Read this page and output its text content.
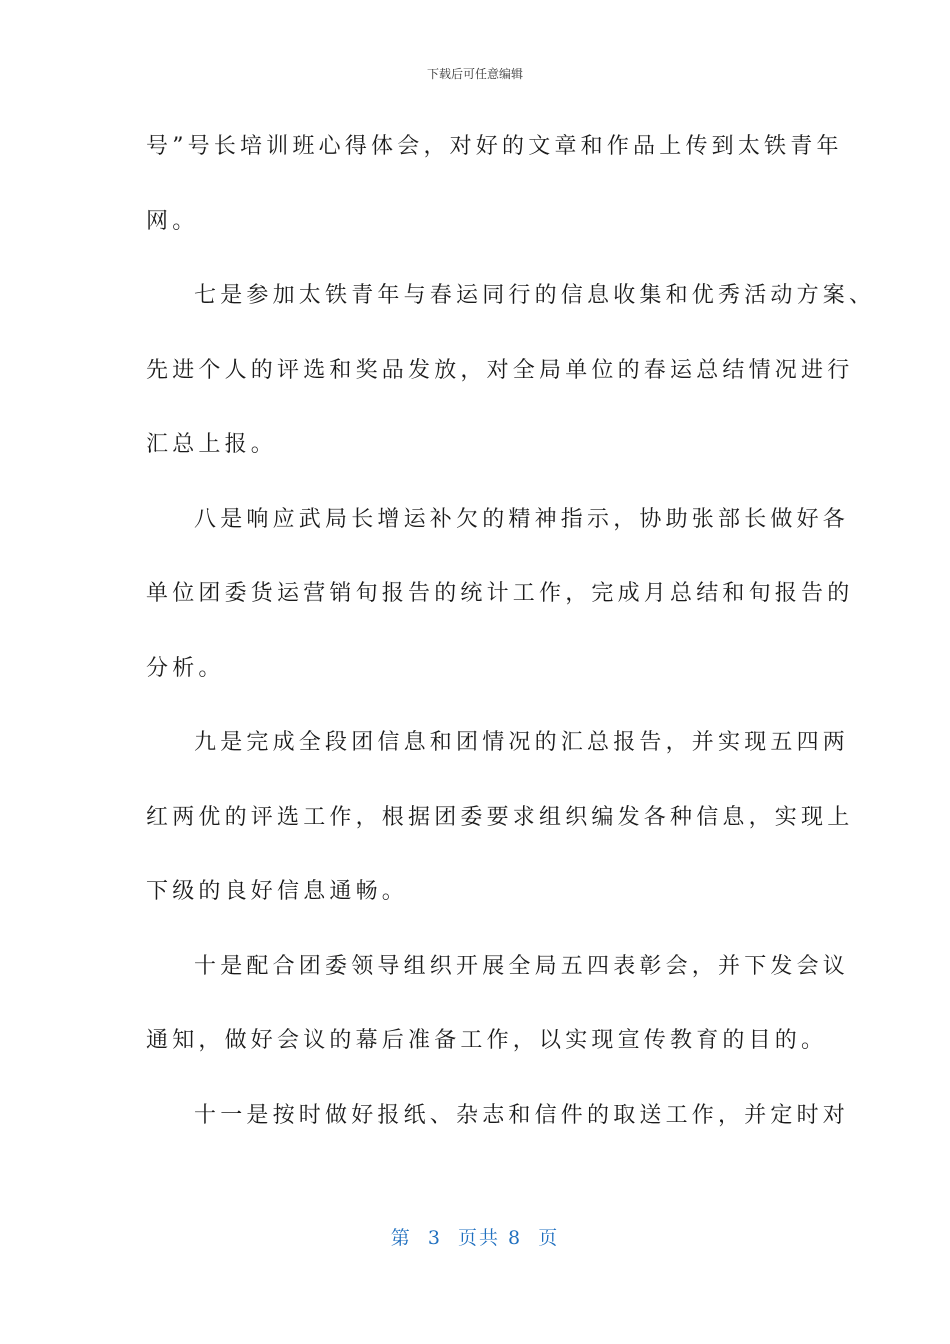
下载后可任意编辑
号”号长培训班心得体会，对好的文章和作品上传到太铁青年
网。
七是参加太铁青年与春运同行的信息收集和优秀活动方案、
先进个人的评选和奖品发放，对全局单位的春运总结情况进行
汇总上报。
八是响应武局长增运补欠的精神指示，协助张部长做好各
单位团委货运营销旬报告的统计工作，完成月总结和旬报告的
分析。
九是完成全段团信息和团情况的汇总报告，并实现五四两
红两优的评选工作，根据团委要求组织编发各种信息，实现上
下级的良好信息通畅。
十是配合团委领导组织开展全局五四表彰会，并下发会议
通知，做好会议的幕后准备工作，以实现宣传教育的目的。
十一是按时做好报纸、杂志和信件的取送工作，并定时对
第  3  页共 8  页
